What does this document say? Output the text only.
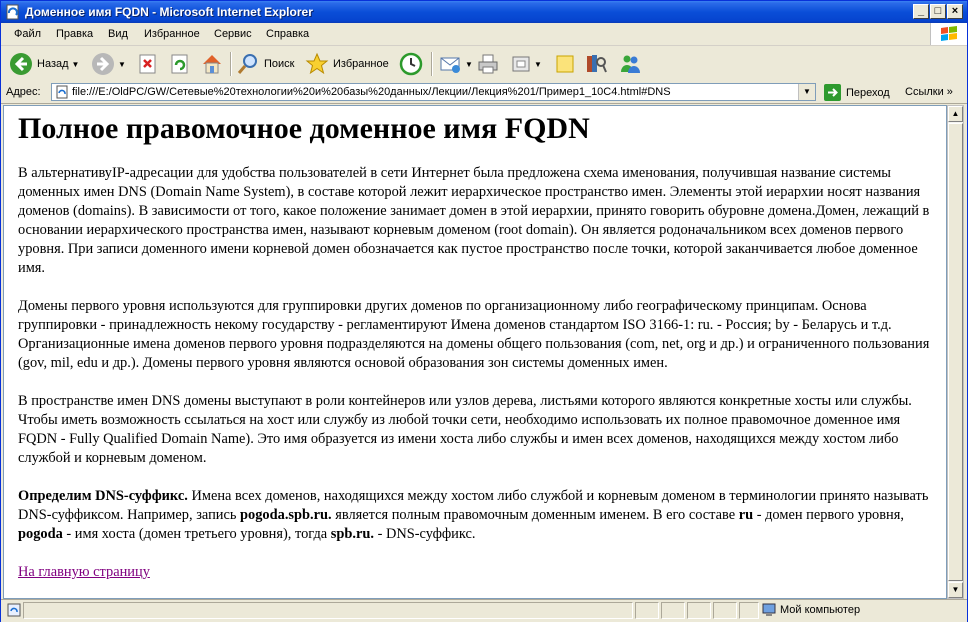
Доменное имя FQDN - Microsoft Internet Explorer	_ □ ×
Файл Правка Вид Избранное Сервис Справка
Назад ▼	▼	Поиск	Избранное	▼	▼
Адрес:	file:///E:/OldPC/GW/Сетевые%20технологии%20и%20базы%20данных/Лекции/Лекция%201/Пример1_10C4.html#DNS	▼	Переход Ссылки »
Полное правомочное доменное имя FQDN

В альтернативуIP-адресации для удобства пользователей в сети Интернет была предложена схема именования, получившая название системы доменных имен DNS (Domain Name System), в составе которой лежит иерархическое пространство имен. Элементы этой иерархии носят названия доменов (domains). В зависимости от того, какое положение занимает домен в этой иерархии, принято говорить обуровне домена.Домен, лежащий в основании иерархического пространства имен, называют корневым доменом (root domain). Он является родоначальником всех доменов первого уровня. При записи доменного имени корневой домен обозначается как пустое пространство после точки, которой заканчивается любое доменное имя.

Домены первого уровня используются для группировки других доменов по организационному либо географическому принципам. Основа группировки - принадлежность некому государству - регламентируют Имена доменов стандартом ISO 3166-1: ru. - Россия; by - Беларусь и т.д. Организационные имена доменов первого уровня подразделяются на домены общего пользования (com, net, org и др.) и ограниченного пользования (gov, mil, edu и др.). Домены первого уровня являются основой образования зон системы доменных имен.

В пространстве имен DNS домены выступают в роли контейнеров или узлов дерева, листьями которого являются конкретные хосты или службы. Чтобы иметь возможность ссылаться на хост или службу из любой точки сети, необходимо использовать их полное правомочное доменное имя FQDN - Fully Qualified Domain Name). Это имя образуется из имени хоста либо службы и имен всех доменов, находящихся между хостом либо службой и корневым доменом.

Определим DNS-суффикс. Имена всех доменов, находящихся между хостом либо службой и корневым доменом в терминологии принято называть DNS-суффиксом. Например, запись pogoda.spb.ru. является полным правомочным доменным именем. В его составе ru - домен первого уровня, pogoda - имя хоста (домен третьего уровня), тогда spb.ru. - DNS-суффикс.

На главную страницу
▲
▼
Мой компьютер
